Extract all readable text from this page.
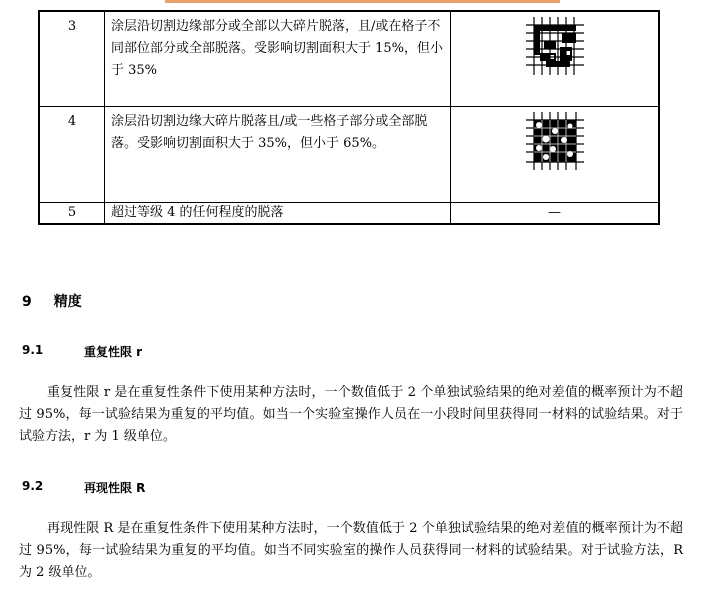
3	涂层沿切割边缘部分或全部以大碎片脱落，且/或在格子不同部位部分或全部脱落。受影响切割面积大于 15%，但小于 35%	

4	涂层沿切割边缘大碎片脱落且/或一些格子部分或全部脱落。受影响切割面积大于 35%，但小于 65%。	

5	超过等级 4 的任何程度的脱落	—
9 精度
9.1	重复性限 r
重复性限 r 是在重复性条件下使用某种方法时，一个数值低于 2 个单独试验结果的绝对差值的概率预计为不超过 95%，每一试验结果为重复的平均值。如当一个实验室操作人员在一小段时间里获得同一材料的试验结果。对于试验方法，r 为 1 级单位。
9.2	再现性限 R
再现性限 R 是在重复性条件下使用某种方法时，一个数值低于 2 个单独试验结果的绝对差值的概率预计为不超过 95%，每一试验结果为重复的平均值。如当不同实验室的操作人员获得同一材料的试验结果。对于试验方法，R 为 2 级单位。
